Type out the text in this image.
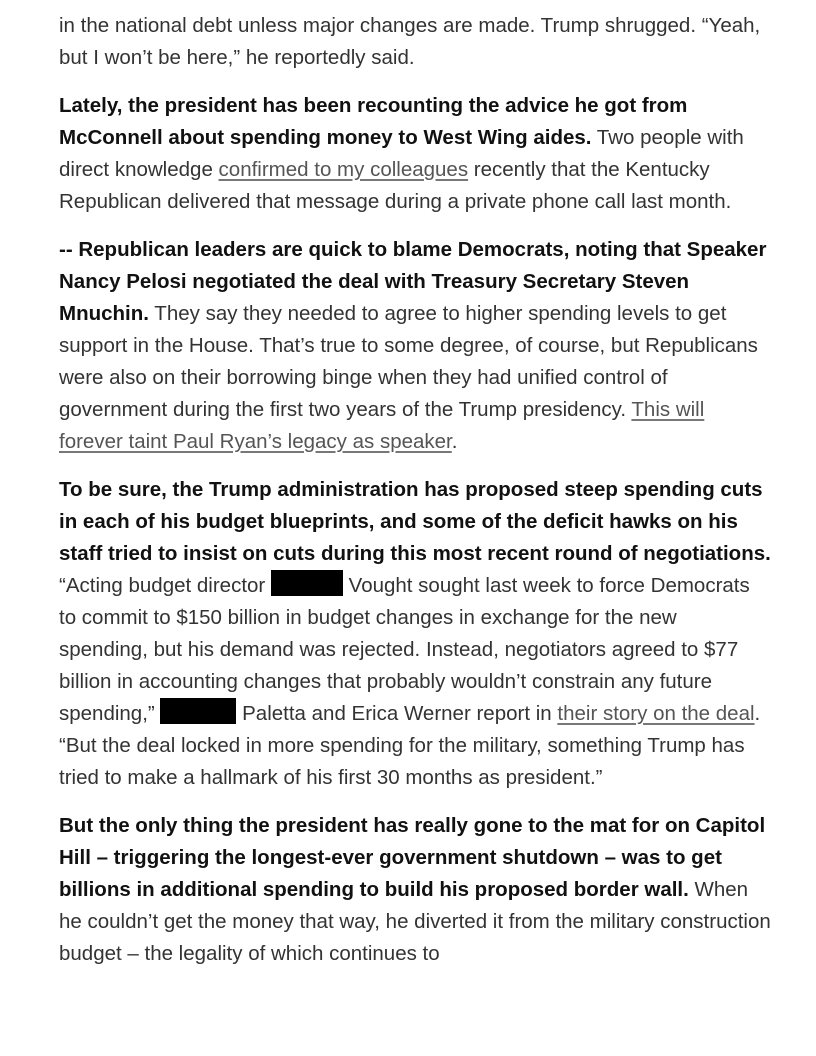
in the national debt unless major changes are made. Trump shrugged. “Yeah, but I won’t be here,” he reportedly said.

Lately, the president has been recounting the advice he got from McConnell about spending money to West Wing aides. Two people with direct knowledge confirmed to my colleagues recently that the Kentucky Republican delivered that message during a private phone call last month.

-- Republican leaders are quick to blame Democrats, noting that Speaker Nancy Pelosi negotiated the deal with Treasury Secretary Steven Mnuchin. They say they needed to agree to higher spending levels to get support in the House. That’s true to some degree, of course, but Republicans were also on their borrowing binge when they had unified control of government during the first two years of the Trump presidency. This will forever taint Paul Ryan’s legacy as speaker.

To be sure, the Trump administration has proposed steep spending cuts in each of his budget blueprints, and some of the deficit hawks on his staff tried to insist on cuts during this most recent round of negotiations. “Acting budget director	Vought sought last week to force Democrats to commit to $150 billion in budget changes in exchange for the new spending, but his demand was rejected. Instead, negotiators agreed to $77 billion in accounting changes that probably wouldn’t constrain any future spending,”	Paletta and Erica Werner report in their story on the deal. “But the deal locked in more spending for the military, something Trump has tried to make a hallmark of his first 30 months as president.”

But the only thing the president has really gone to the mat for on Capitol Hill – triggering the longest-ever government shutdown – was to get billions in additional spending to build his proposed border wall. When he couldn’t get the money that way, he diverted it from the military construction budget – the legality of which continues to
